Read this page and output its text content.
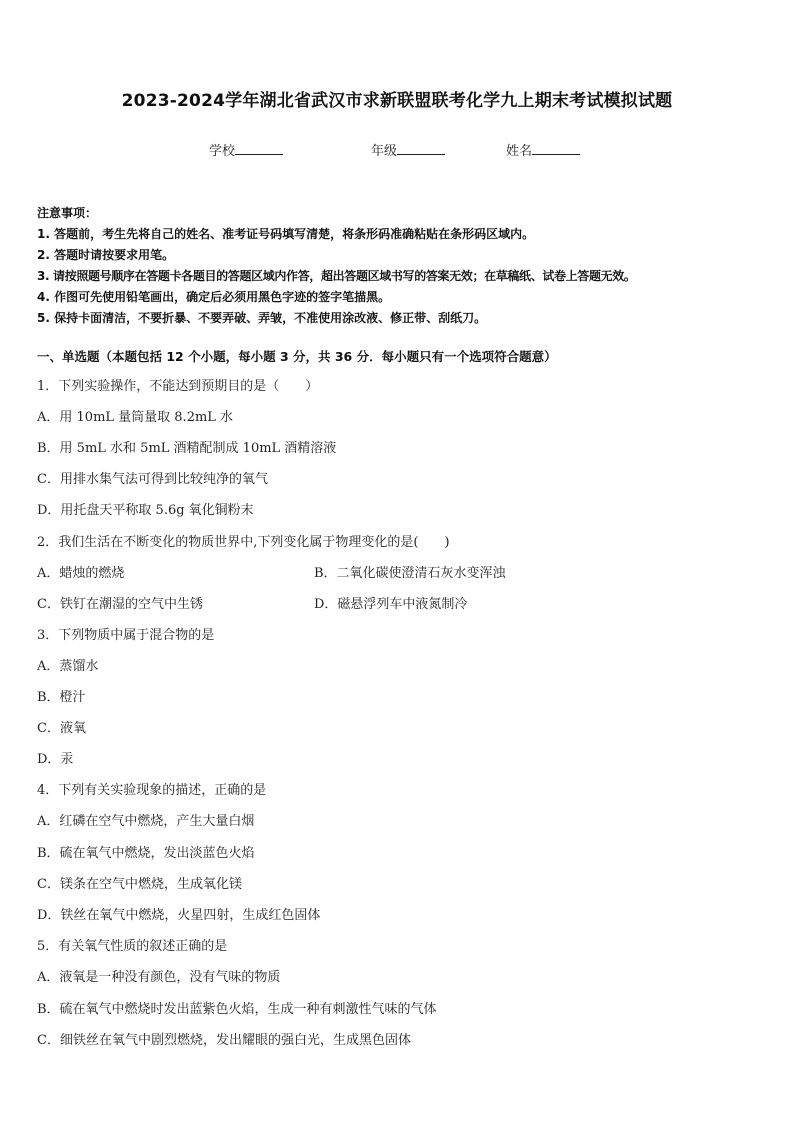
2023-2024学年湖北省武汉市求新联盟联考化学九上期末考试模拟试题
学校	年级	姓名
注意事项：
1. 答题前，考生先将自己的姓名、准考证号码填写清楚，将条形码准确粘贴在条形码区域内。
2. 答题时请按要求用笔。
3. 请按照题号顺序在答题卡各题目的答题区域内作答，超出答题区域书写的答案无效；在草稿纸、试卷上答题无效。
4. 作图可先使用铅笔画出，确定后必须用黑色字迹的签字笔描黑。
5. 保持卡面清洁，不要折暴、不要弄破、弄皱，不准使用涂改液、修正带、刮纸刀。
一、单选题（本题包括 12 个小题，每小题 3 分，共 36 分．每小题只有一个选项符合题意）
1．下列实验操作，不能达到预期目的是（　　）
A．用 10mL 量筒量取 8.2mL 水
B．用 5mL 水和 5mL 酒精配制成 10mL 酒精溶液
C．用排水集气法可得到比较纯净的氧气
D．用托盘天平称取 5.6g 氧化铜粉末
2．我们生活在不断变化的物质世界中,下列变化属于物理变化的是(　　)
A．蜡烛的燃烧	B．二氧化碳使澄清石灰水变浑浊
C．铁钉在潮湿的空气中生锈	D．磁悬浮列车中液氮制冷
3．下列物质中属于混合物的是
A．蒸馏水
B．橙汁
C．液氧
D．汞
4．下列有关实验现象的描述，正确的是
A．红磷在空气中燃烧，产生大量白烟
B．硫在氧气中燃烧，发出淡蓝色火焰
C．镁条在空气中燃烧，生成氧化镁
D．铁丝在氧气中燃烧，火星四射，生成红色固体
5．有关氧气性质的叙述正确的是
A．液氧是一种没有颜色，没有气味的物质
B．硫在氧气中燃烧时发出蓝紫色火焰，生成一种有刺激性气味的气体
C．细铁丝在氧气中剧烈燃烧，发出耀眼的强白光，生成黑色固体
